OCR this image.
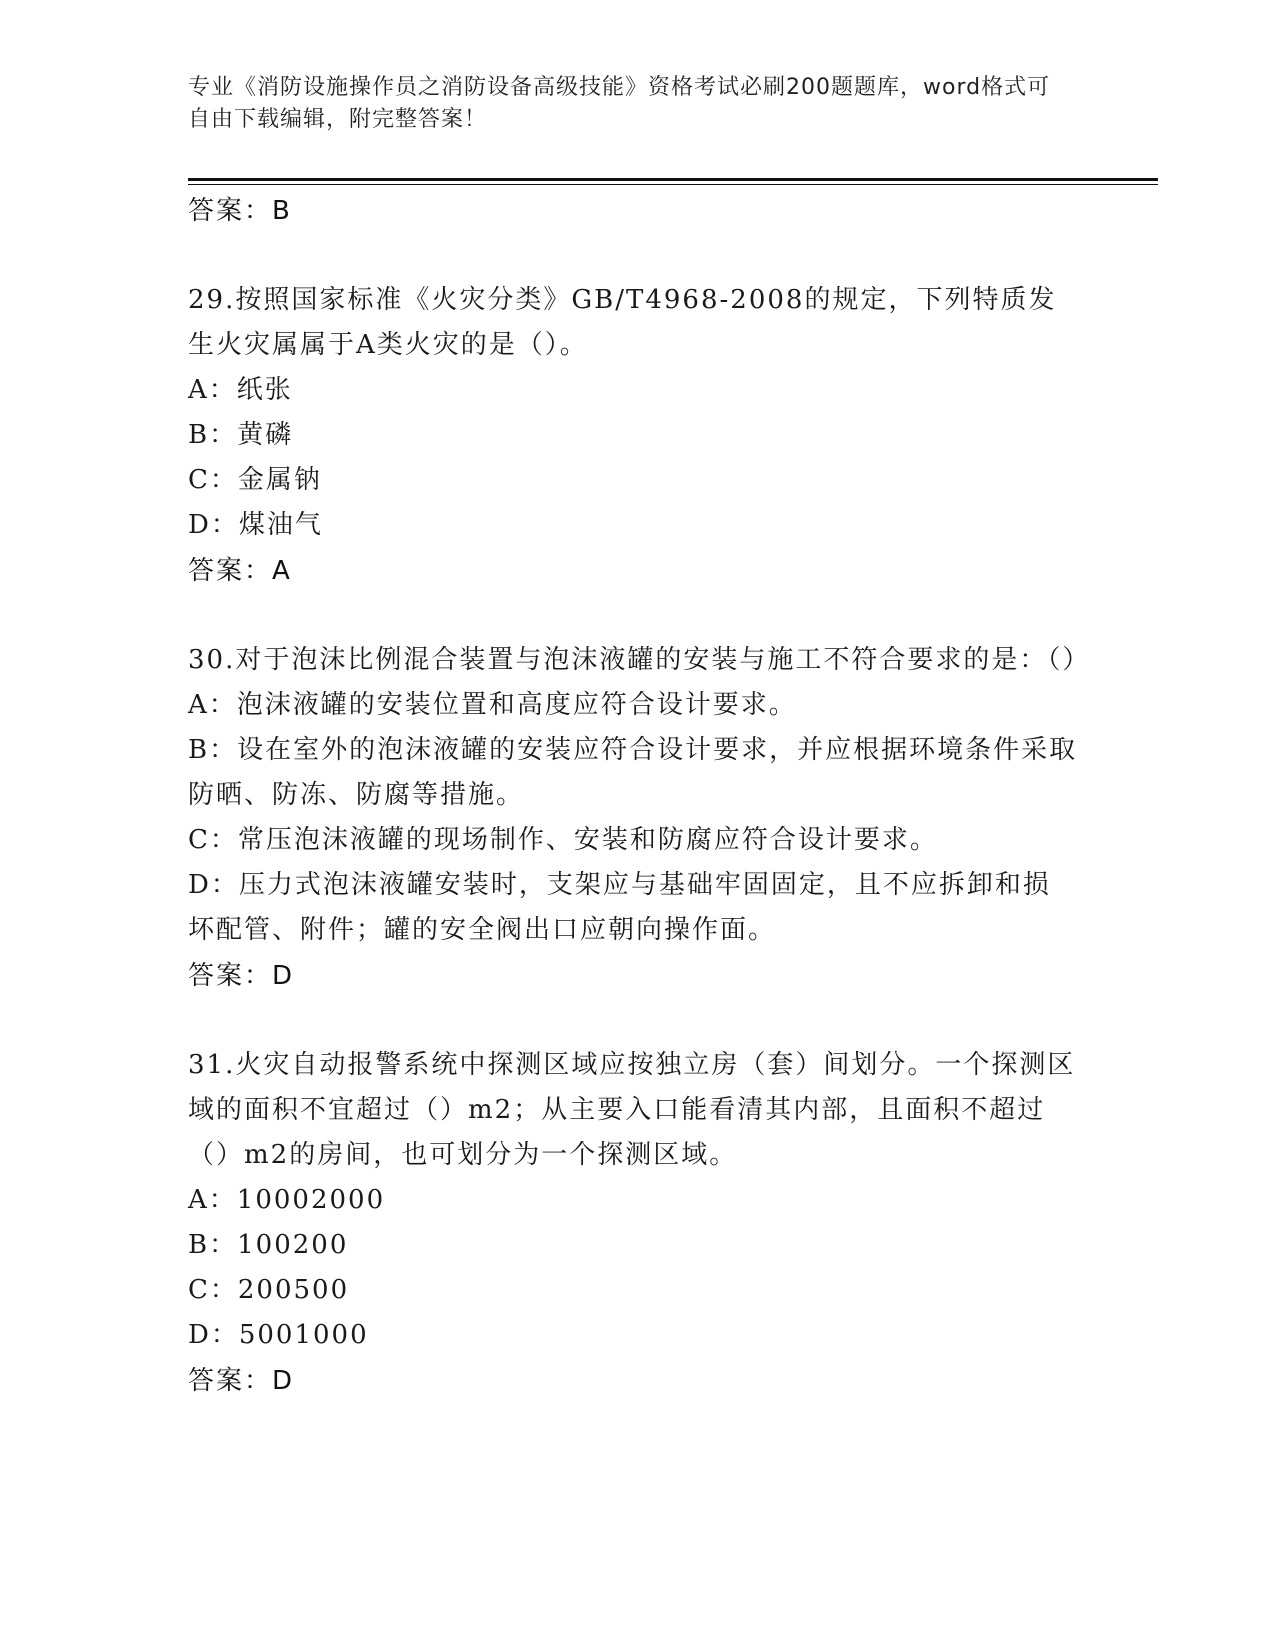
专业《消防设施操作员之消防设备高级技能》资格考试必刷200题题库，word格式可自由下载编辑，附完整答案！
答案：B
29.按照国家标准《火灾分类》GB/T4968-2008的规定，下列特质发生火灾属属于A类火灾的是（）。
A：纸张
B：黄磷
C：金属钠
D：煤油气
答案：A
30.对于泡沫比例混合装置与泡沫液罐的安装与施工不符合要求的是：（）
A：泡沫液罐的安装位置和高度应符合设计要求。
B：设在室外的泡沫液罐的安装应符合设计要求，并应根据环境条件采取防晒、防冻、防腐等措施。
C：常压泡沫液罐的现场制作、安装和防腐应符合设计要求。
D：压力式泡沫液罐安装时，支架应与基础牢固固定，且不应拆卸和损坏配管、附件；罐的安全阀出口应朝向操作面。
答案：D
31.火灾自动报警系统中探测区域应按独立房（套）间划分。一个探测区域的面积不宜超过（）m2；从主要入口能看清其内部，且面积不超过（）m2的房间，也可划分为一个探测区域。
A：10002000
B：100200
C：200500
D：5001000
答案：D
